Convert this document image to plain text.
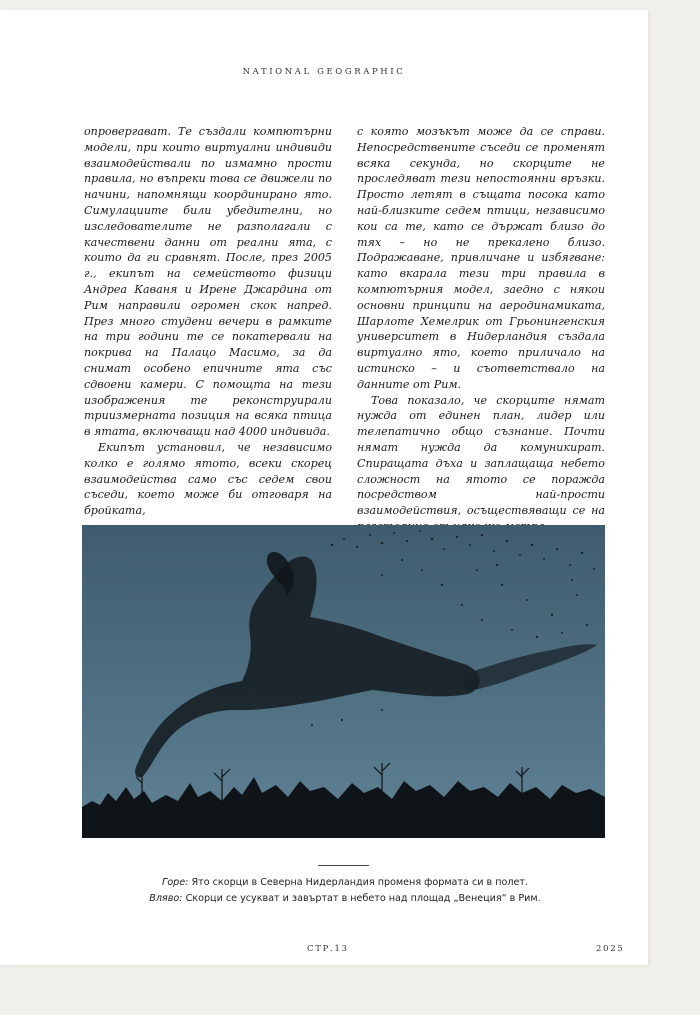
NATIONAL GEOGRAPHIC

опровергават. Те създали компютърни модели, при които виртуални индивиди взаимодействали по измамно прости правила, но въпреки това се движели по начини, напомнящи координирано ято. Симулациите били убедителни, но изследователите не разполагали с качествени данни от реални ята, с които да ги сравнят. После, през 2005 г., екипът на семейството физици Андреа Каваня и Ирене Джардина от Рим направили огромен скок напред. През много студени вечери в рамките на три години те се покатервали на покрива на Палацо Масимо, за да снимат особено епичните ята със сдвоени камери. С помощта на тези изображения те реконструирали триизмерната позиция на всяка птица в ятата, включващи над 4000 индивида.

Екипът установил, че независимо колко е голямо ятото, всеки скорец взаимодейства само със седем свои съседи, което може би отговаря на бройката,

с която мозъкът може да се справи. Непосредствените съседи се променят всяка секунда, но скорците не проследяват тези непостоянни връзки. Просто летят в същата посока като най-близките седем птици, независимо кои са те, като се държат близо до тях – но не прекалено близо. Подражаване, привличане и избягване: като вкарала тези три правила в компютърния модел, заедно с някои основни принципи на аеродинамиката, Шарлоте Хемелрик от Грьонингенския университет в Нидерландия създала виртуално ято, което приличало на истинско – и съответствало на данните от Рим.

Това показало, че скорците нямат нужда от единен план, лидер или телепатично общо съзнание. Почти нямат нужда да комуникират. Спиращата дъха и заплащаща небето сложност на ятото се поражда посредством най-прости взаимодействия, осъществяващи се на

Горе: Ято скорци в Северна Нидерландия променя формата си в полет.
Вляво: Скорци се усукват и завъртат в небето над площад „Венеция“ в Рим.
СТР.13	2025
